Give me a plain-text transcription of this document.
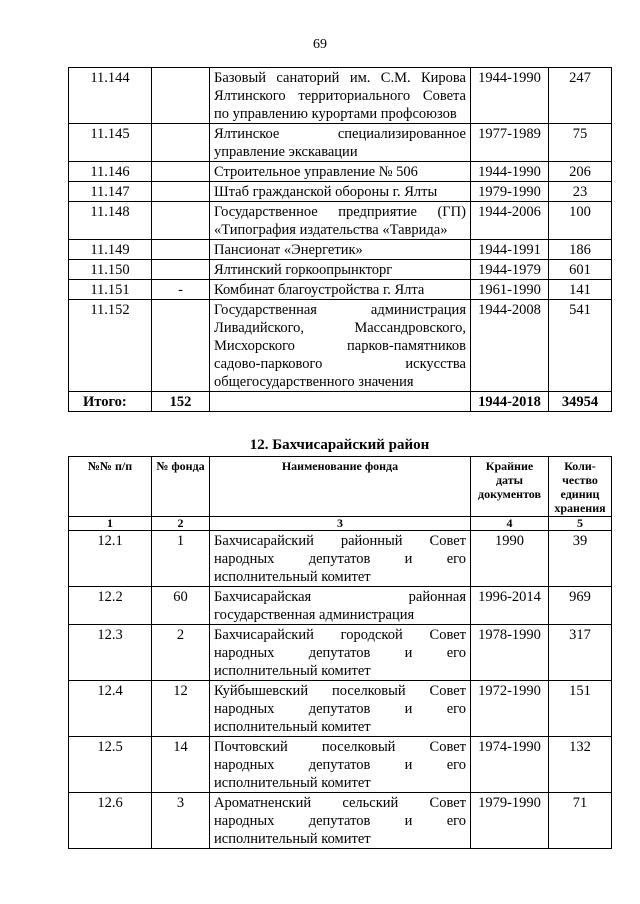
69
11.144		Базовый санаторий им. С.М. Кирова Ялтинского территориального Совета по управлению курортами профсоюзов	1944-1990	247
11.145		Ялтинское специализированное управление экскавации	1977-1989	75
11.146		Строительное управление № 506	1944-1990	206
11.147		Штаб гражданской обороны г. Ялты	1979-1990	23
11.148		Государственное предприятие (ГП) «Типография издательства «Таврида»	1944-2006	100
11.149		Пансионат «Энергетик»	1944-1991	186
11.150		Ялтинский горкоопрынкторг	1944-1979	601
11.151	-	Комбинат благоустройства г. Ялта	1961-1990	141
11.152		Государственная администрация Ливадийского, Массандровского, Мисхорского парков-памятников садово-паркового искусства общегосударственного значения	1944-2008	541
Итого:	152		1944-2018	34954
12. Бахчисарайский район
№№ п/п	№ фонда	Наименование фонда	Крайние даты документов	Коли-чество единиц хранения
1	2	3	4	5
12.1	1	Бахчисарайский районный Совет народных депутатов и его исполнительный комитет	1990	39
12.2	60	Бахчисарайская районная государственная администрация	1996-2014	969
12.3	2	Бахчисарайский городской Совет народных депутатов и его исполнительный комитет	1978-1990	317
12.4	12	Куйбышевский поселковый Совет народных депутатов и его исполнительный комитет	1972-1990	151
12.5	14	Почтовский поселковый Совет народных депутатов и его исполнительный комитет	1974-1990	132
12.6	3	Ароматненский сельский Совет народных депутатов и его исполнительный комитет	1979-1990	71
